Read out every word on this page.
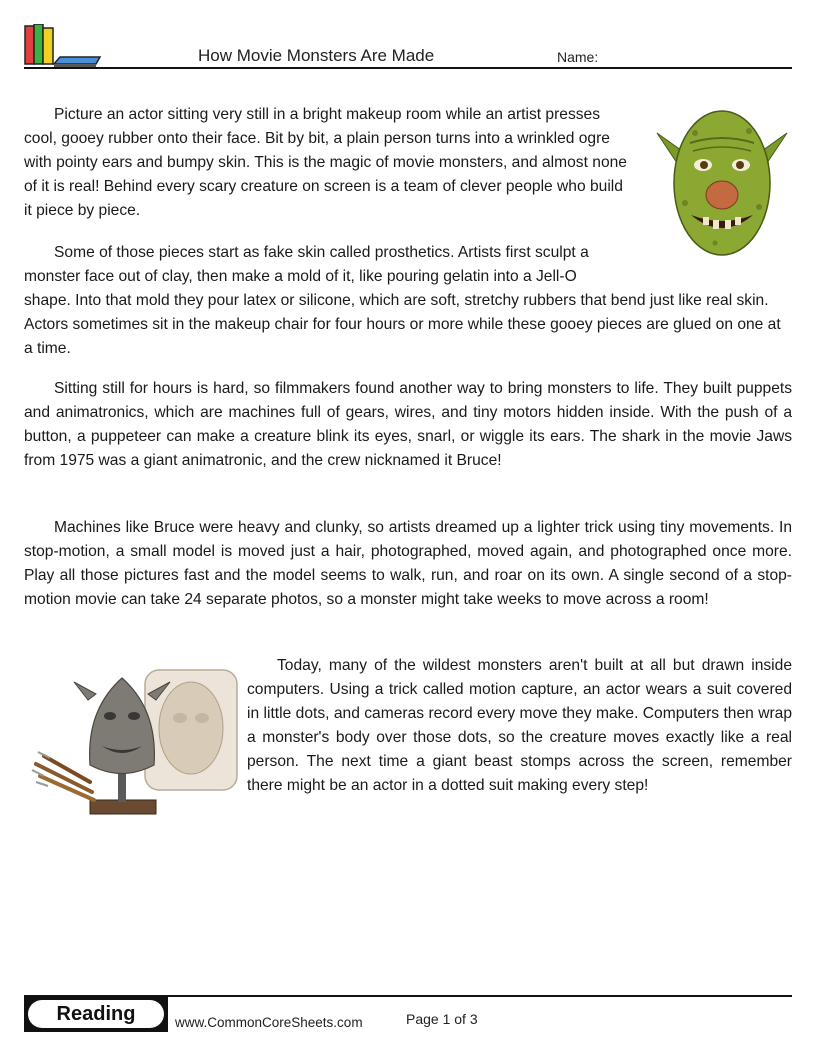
How Movie Monsters Are Made	Name:

Picture an actor sitting very still in a bright makeup room while an artist presses cool, gooey rubber onto their face. Bit by bit, a plain person turns into a wrinkled ogre with pointy ears and bumpy skin. This is the magic of movie monsters, and almost none of it is real! Behind every scary creature on screen is a team of clever people who build it piece by piece.

Some of those pieces start as fake skin called prosthetics. Artists first sculpt a monster face out of clay, then make a mold of it, like pouring gelatin into a Jell-O shape. Into that mold they pour latex or silicone, which are soft, stretchy rubbers that bend just like real skin. Actors sometimes sit in the makeup chair for four hours or more while these gooey pieces are glued on one at a time.

Sitting still for hours is hard, so filmmakers found another way to bring monsters to life. They built puppets and animatronics, which are machines full of gears, wires, and tiny motors hidden inside. With the push of a button, a puppeteer can make a creature blink its eyes, snarl, or wiggle its ears. The shark in the movie Jaws from 1975 was a giant animatronic, and the crew nicknamed it Bruce!

Machines like Bruce were heavy and clunky, so artists dreamed up a lighter trick using tiny movements. In stop-motion, a small model is moved just a hair, photographed, moved again, and photographed once more. Play all those pictures fast and the model seems to walk, run, and roar on its own. A single second of a stop-motion movie can take 24 separate photos, so a monster might take weeks to move across a room!

Today, many of the wildest monsters aren't built at all but drawn inside computers. Using a trick called motion capture, an actor wears a suit covered in little dots, and cameras record every move they make. Computers then wrap a monster's body over those dots, so the creature moves exactly like a real person. The next time a giant beast stomps across the screen, remember there might be an actor in a dotted suit making every step!

Reading	www.CommonCoreSheets.com	Page 1 of 3
